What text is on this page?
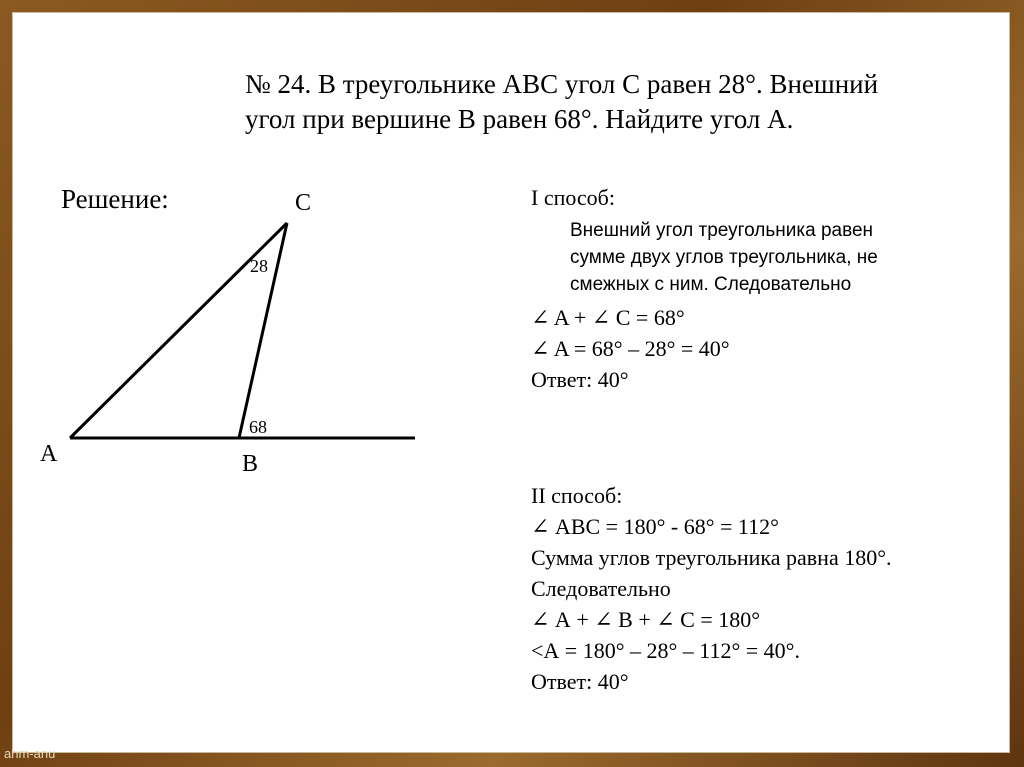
№ 24. В треугольнике АВС угол С равен 28°. Внешний
угол при вершине В равен 68°. Найдите угол А.
Решение:	С
28
68
А	В
I способ:
Внешний угол треугольника равен
сумме двух углов треугольника, не
смежных с ним. Следовательно
∠ A + ∠ C = 68°
∠ A = 68° – 28° = 40°
Ответ: 40°
II способ:
∠ АВС = 180° - 68° = 112°
Сумма углов треугольника равна 180°.
Следовательно
∠ А + ∠ В + ∠ С = 180°
<А = 180° – 28° – 112° = 40°.
Ответ: 40°
ahm-anu
